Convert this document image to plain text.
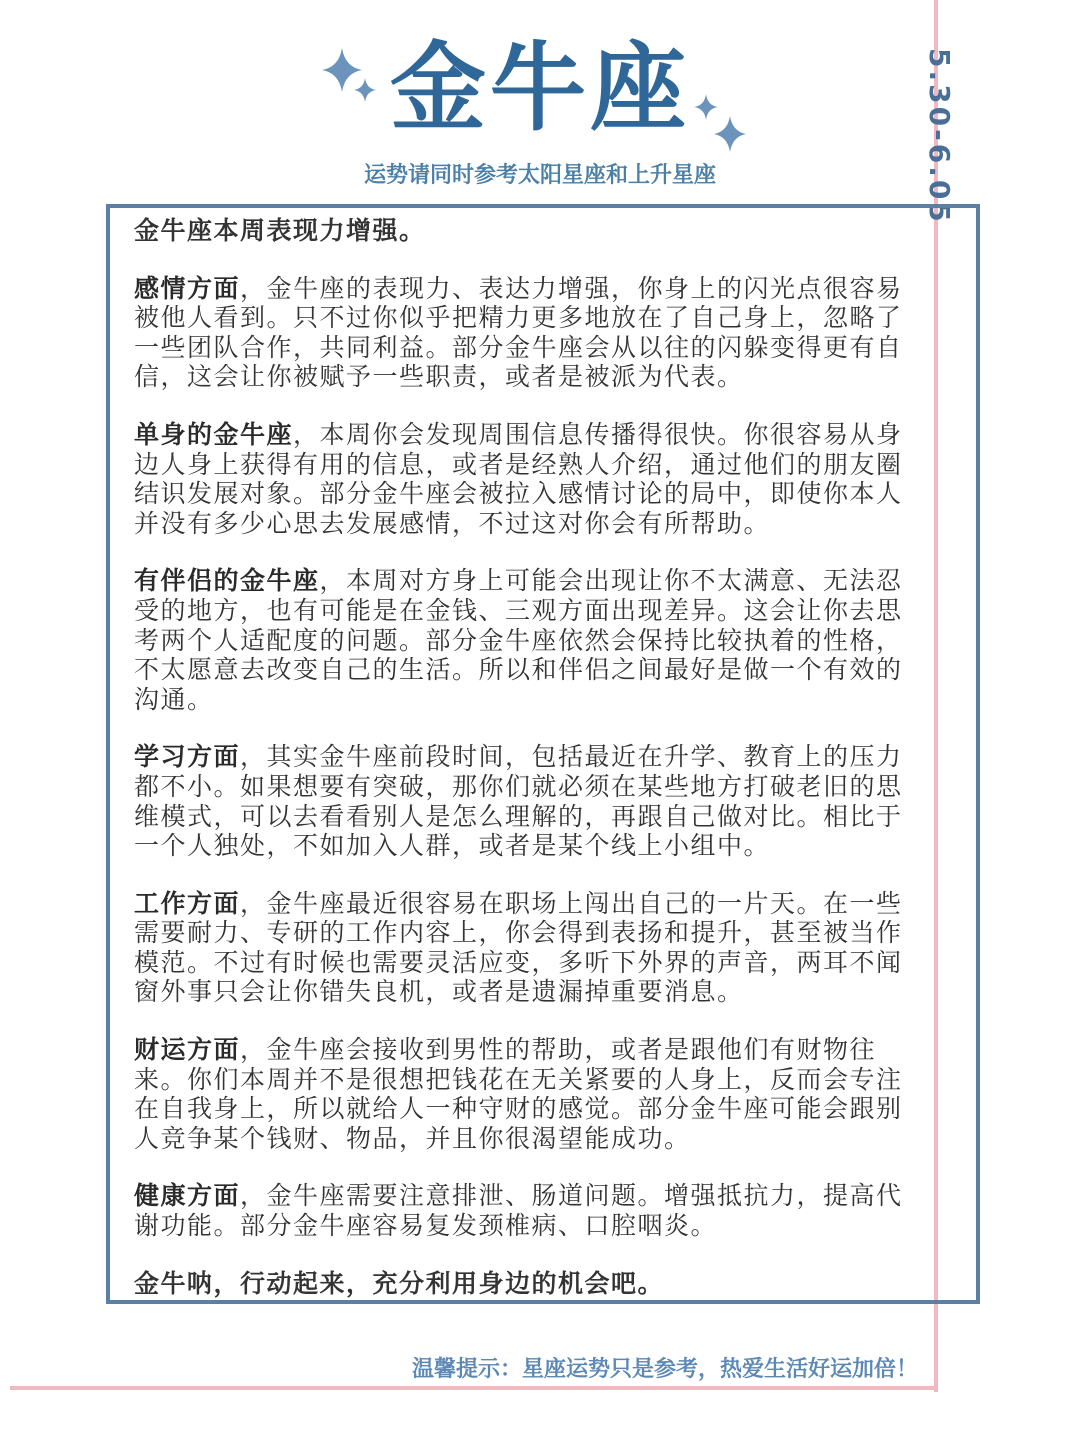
5.30-6.05
金牛座
运势请同时参考太阳星座和上升星座

金牛座本周表现力增强。

感情方面，金牛座的表现力、表达力增强，你身上的闪光点很容易被他人看到。只不过你似乎把精力更多地放在了自己身上，忽略了一些团队合作，共同利益。部分金牛座会从以往的闪躲变得更有自信，这会让你被赋予一些职责，或者是被派为代表。

单身的金牛座，本周你会发现周围信息传播得很快。你很容易从身边人身上获得有用的信息，或者是经熟人介绍，通过他们的朋友圈结识发展对象。部分金牛座会被拉入感情讨论的局中，即使你本人并没有多少心思去发展感情，不过这对你会有所帮助。

有伴侣的金牛座，本周对方身上可能会出现让你不太满意、无法忍受的地方，也有可能是在金钱、三观方面出现差异。这会让你去思考两个人适配度的问题。部分金牛座依然会保持比较执着的性格，不太愿意去改变自己的生活。所以和伴侣之间最好是做一个有效的沟通。

学习方面，其实金牛座前段时间，包括最近在升学、教育上的压力都不小。如果想要有突破，那你们就必须在某些地方打破老旧的思维模式，可以去看看别人是怎么理解的，再跟自己做对比。相比于一个人独处，不如加入人群，或者是某个线上小组中。

工作方面，金牛座最近很容易在职场上闯出自己的一片天。在一些需要耐力、专研的工作内容上，你会得到表扬和提升，甚至被当作模范。不过有时候也需要灵活应变，多听下外界的声音，两耳不闻窗外事只会让你错失良机，或者是遗漏掉重要消息。

财运方面，金牛座会接收到男性的帮助，或者是跟他们有财物往来。你们本周并不是很想把钱花在无关紧要的人身上，反而会专注在自我身上，所以就给人一种守财的感觉。部分金牛座可能会跟别人竞争某个钱财、物品，并且你很渴望能成功。

健康方面，金牛座需要注意排泄、肠道问题。增强抵抗力，提高代谢功能。部分金牛座容易复发颈椎病、口腔咽炎。

金牛呐，行动起来，充分利用身边的机会吧。

温馨提示：星座运势只是参考，热爱生活好运加倍！
